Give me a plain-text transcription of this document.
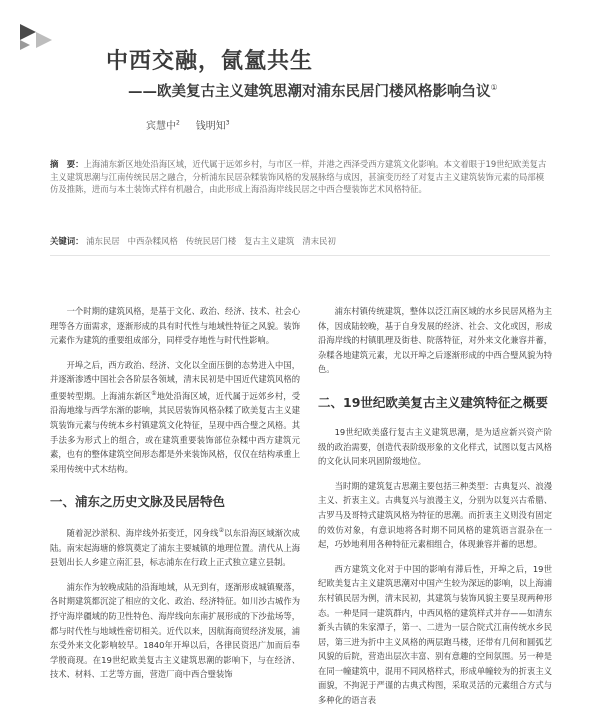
中西交融，氤氳共生
——欧美复古主义建筑思潮对浦东民居门楼风格影响刍议①
宾慧中$^2$ 钱明知$^3$
摘　要：上海浦东新区地处沿海区域，近代属于远郊乡村，与市区一样，并港之西泽受西方建筑文化影响。本文着眼于19世纪欧美复古主义建筑思潮与江南传统民居之融合，分析浦东民居杂糅装饰风格的发展脉络与成因，甚演变历经了对复古主义建筑装饰元素的局部模仿及推陈，进而与本土装饰式样有机融合，由此形成上海沿海岸线民居之中西合璧装饰艺术风格特征。
关键词： 浦东民居 中西杂糅风格 传统民居门楼 复古主义建筑 清末民初

一个时期的建筑风格，是基于文化、政治、经济、技术、社会心理等各方面需求，逐渐形成的具有时代性与地域性特征之风貌。装饰元素作为建筑的重要组成部分，同样受存地性与时代性影响。

开埠之后，西方政治、经济、文化以全面压倒的态势进入中国，并逐渐渗透中国社会各阶层各领域，清末民初是中国近代建筑风格的重要转型期。上海浦东新区①地处沿海区域，近代属于远郊乡村，受沿海地缘与西学东渐的影响，其民居装饰风格杂糅了欧美复古主义建筑装饰元素与传统本乡村镇建筑文化特征，呈现中西合璧之风格。其手法多为形式上的组合，或在建筑重要装饰部位杂糅中西方建筑元素，也有的整体建筑空间形态都是外来装饰风格，仅仅在结构承重上采用传统中式木结构。

一、浦东之历史文脉及民居特色

随着泥沙淤积、海岸线外拓变迁，冈身线②以东沿海区域渐次成陆。南宋起海塘的修筑奠定了浦东主要城镇的地理位置。清代从上海县划出长人乡建立南汇县，标志浦东在行政上正式独立建立县制。

浦东作为较晚成陆的沿海地域，从无到有，逐渐形成城镇聚落，各时期建筑都沉淀了相应的文化、政治、经济特征。如川沙古城作为抒守海岸疆域的防卫性特色、海岸线向东南扩展形成的下沙盐场等，都与时代性与地域性密切相关。近代以来，因航海商贸经济发展，浦东受外来文化影响较早。1840年开埠以后，各律民资迅广加而后奉学殷商现。在19世纪欧美复古主义建筑思潮的影响下，与在经济、技术、材料、工艺等方面，营造厂商中西合璧装饰

浦东村镇传统建筑，整体以泛江南区域的水乡民居风格为主体，因成陆较晚，基于自身发展的经济、社会、文化或因，形成沿海岸线的村镇肌理及街巷、院落特征，对外来文化兼容并蓄，杂糅各地建筑元素，尤以开埠之后逐渐形成的中西合璧风貌为特色。

二、19世纪欧美复古主义建筑特征之概要

19世纪欧美盛行复古主义建筑思潮，是为适应新兴资产阶级的政治需要，创造代表阶级形象的文化样式，试图以复古风格的文化认同来巩固阶级地位。

当时期的建筑复古思潮主要包括三种类型：古典复兴、浪漫主义、折衷主义。古典复兴与浪漫主义，分别为以复兴古希腊、古罗马及哥特式建筑风格为特征的思潮。而折衷主义则没有固定的效仿对象，有意识地将各时期不同风格的建筑语言混杂在一起，巧妙地利用各种特征元素相组合，体现兼容并蓄的思想。

西方建筑文化对于中国的影响有滞后性，开埠之后，19世纪欧美复古主义建筑思潮对中国产生较为深远的影响，以上海浦东村镇民居为例，清末民初，其建筑与装饰风貌主要呈现两种形态。一种是同一建筑群内，中西风格的建筑样式并存——如清东新头古镇的朱家潭子，第一、二进为一层合院式江南传统水乡民居，第三进为折中主义风格的两层跑马楼，还带有几何和圆弧艺风貌的后院，营造出层次丰富、别有意趣的空间氛围。另一种是在同一幢建筑中，混用不同风格样式，形成单幢较为的折衷主义面貌，不拘泥于严谨的古典式构图，采取灵活的元素组合方式与多种化的语言表
